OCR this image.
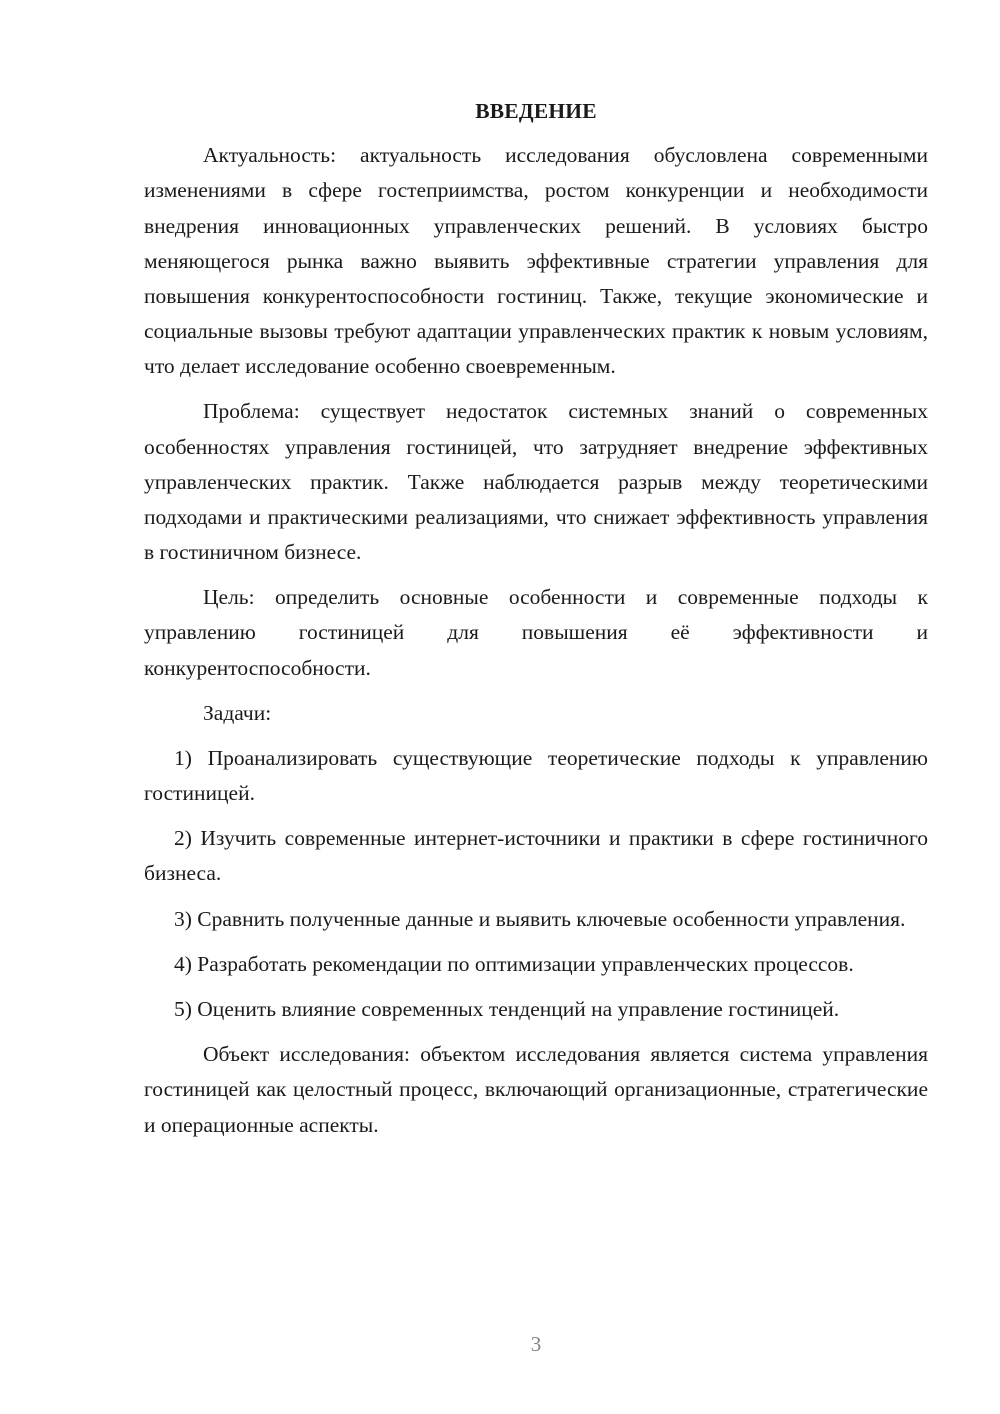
ВВЕДЕНИЕ

Актуальность: актуальность исследования обусловлена современными изменениями в сфере гостеприимства, ростом конкуренции и необходимости внедрения инновационных управленческих решений. В условиях быстро меняющегося рынка важно выявить эффективные стратегии управления для повышения конкурентоспособности гостиниц. Также, текущие экономические и социальные вызовы требуют адаптации управленческих практик к новым условиям, что делает исследование особенно своевременным.

Проблема: существует недостаток системных знаний о современных особенностях управления гостиницей, что затрудняет внедрение эффективных управленческих практик. Также наблюдается разрыв между теоретическими подходами и практическими реализациями, что снижает эффективность управления в гостиничном бизнесе.

Цель: определить основные особенности и современные подходы к управлению гостиницей для повышения её эффективности и конкурентоспособности.

Задачи:

1) Проанализировать существующие теоретические подходы к управлению гостиницей.

2) Изучить современные интернет-источники и практики в сфере гостиничного бизнеса.

3) Сравнить полученные данные и выявить ключевые особенности управления.

4) Разработать рекомендации по оптимизации управленческих процессов.

5) Оценить влияние современных тенденций на управление гостиницей.

Объект исследования: объектом исследования является система управления гостиницей как целостный процесс, включающий организационные, стратегические и операционные аспекты.

3
